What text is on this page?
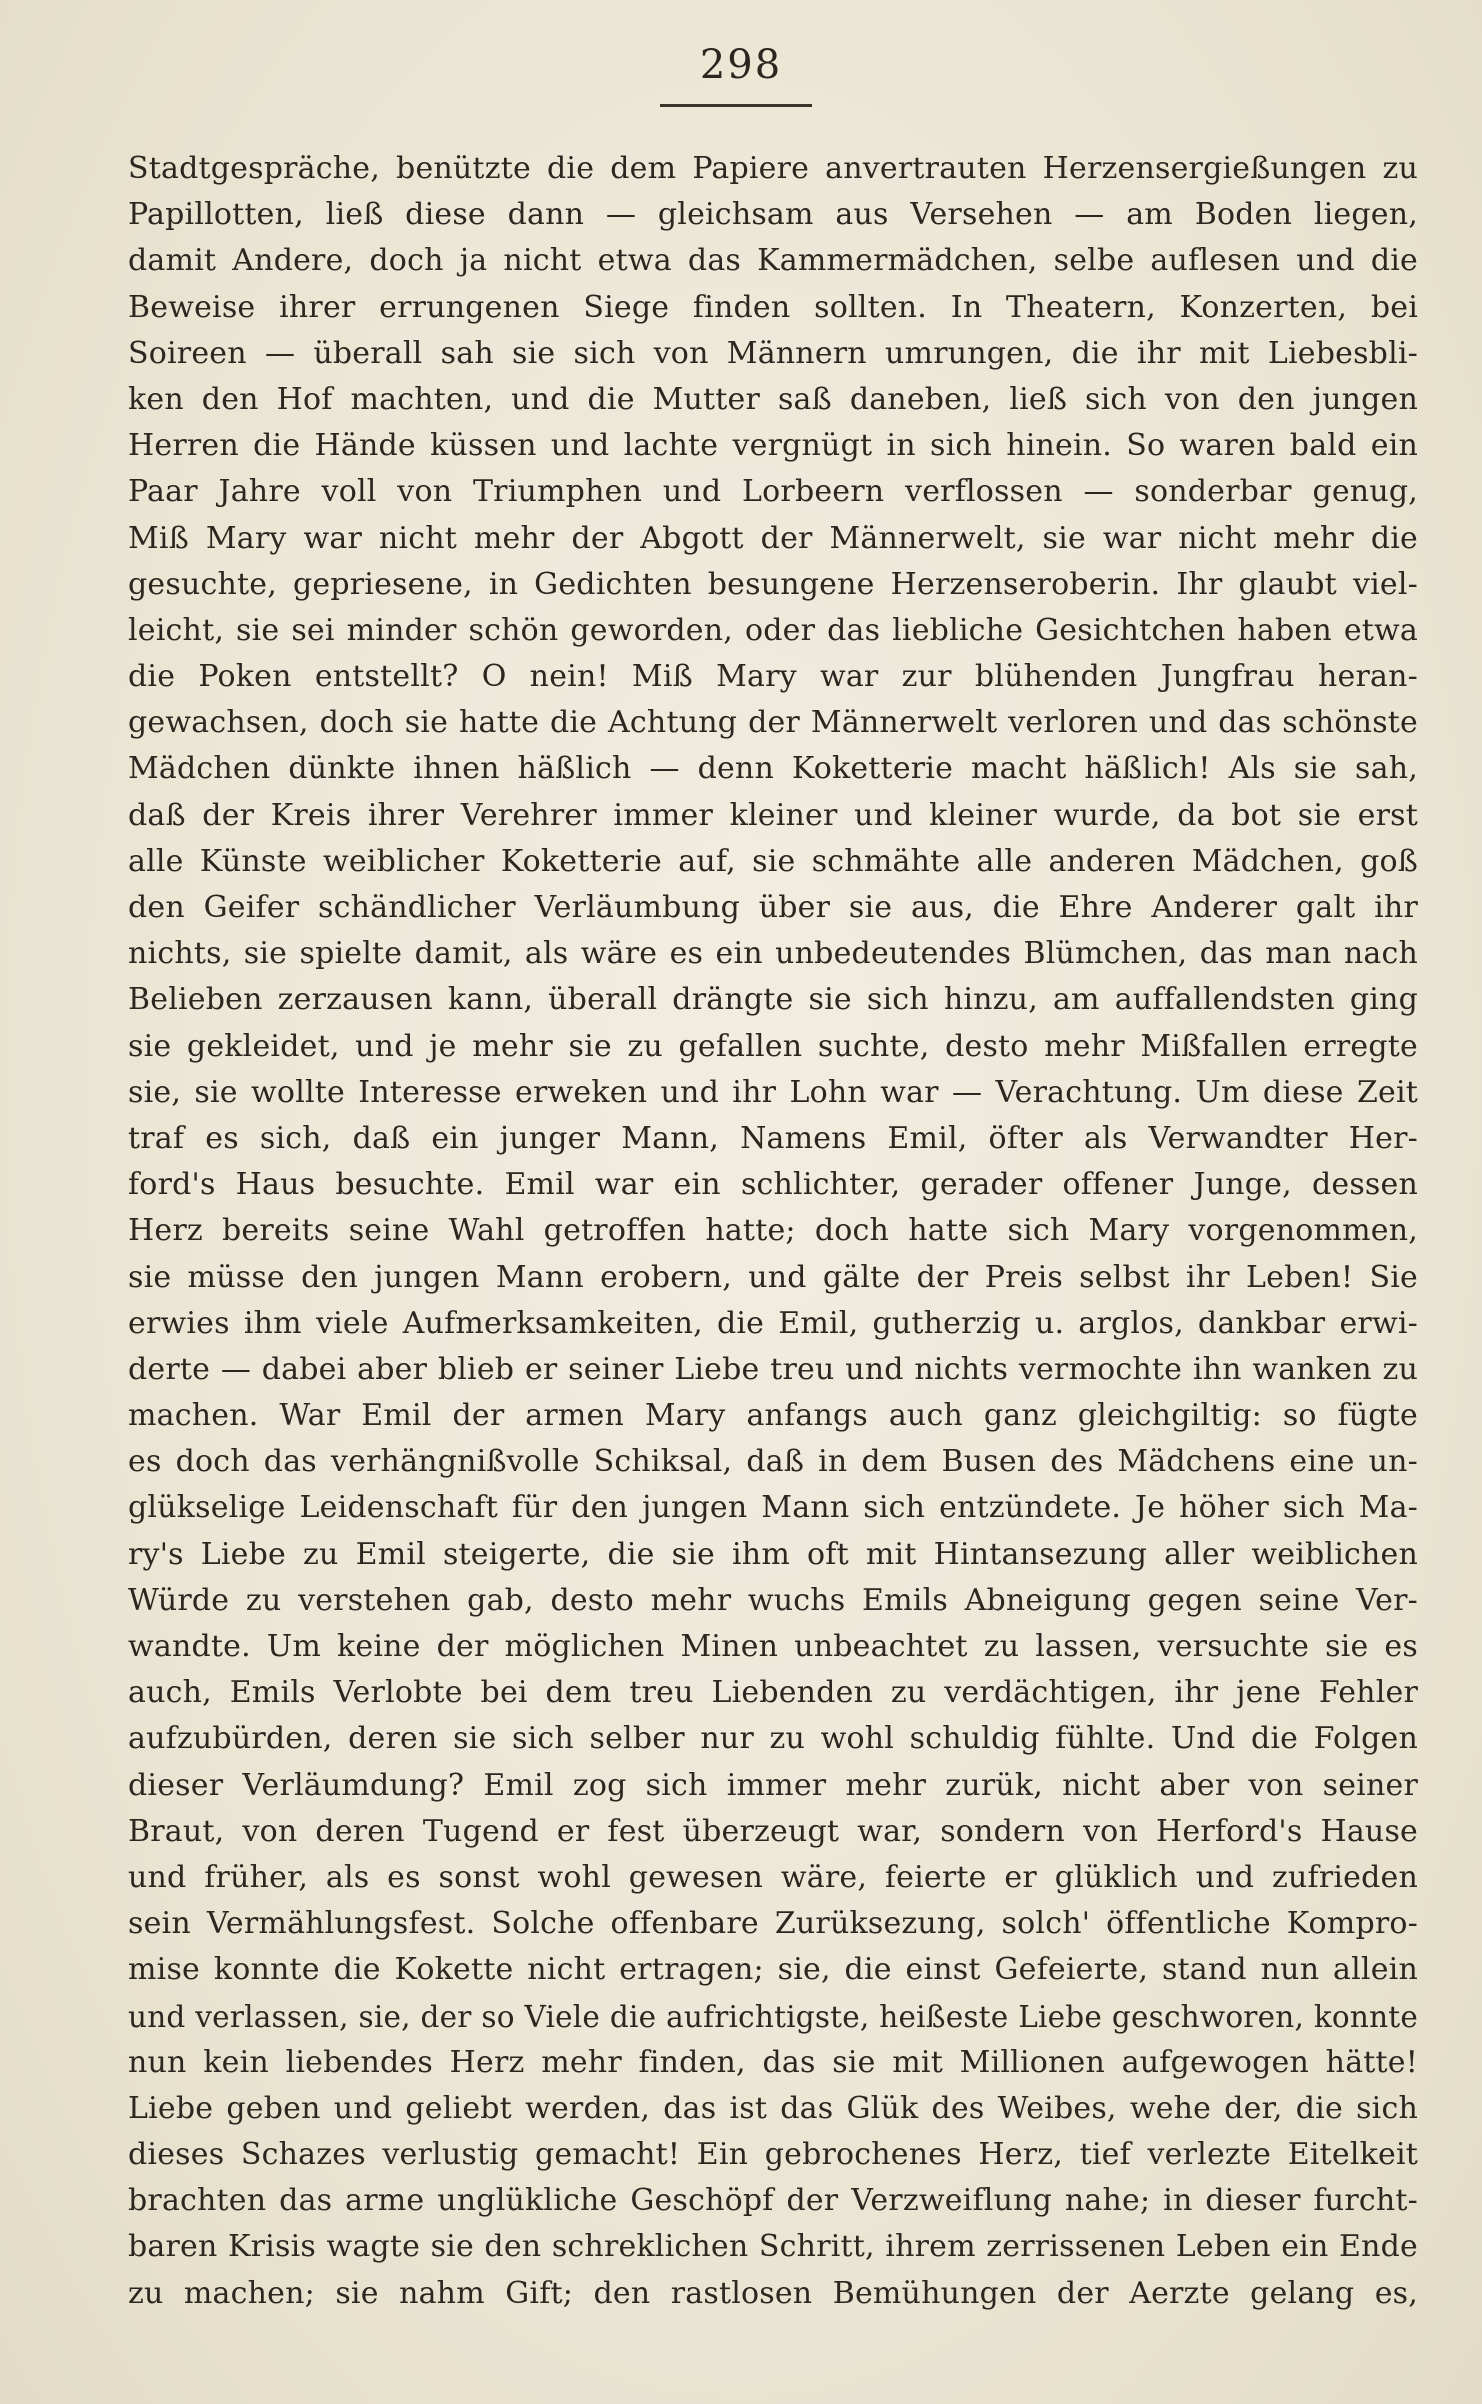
298
Stadtgespräche, benützte die dem Papiere anvertrauten Herzensergießungen zu
Papillotten, ließ diese dann — gleichsam aus Versehen — am Boden liegen,
damit Andere, doch ja nicht etwa das Kammermädchen, selbe auflesen und die
Beweise ihrer errungenen Siege finden sollten. In Theatern, Konzerten, bei
Soireen — überall sah sie sich von Männern umrungen, die ihr mit Liebesbli-
ken den Hof machten, und die Mutter saß daneben, ließ sich von den jungen
Herren die Hände küssen und lachte vergnügt in sich hinein. So waren bald ein
Paar Jahre voll von Triumphen und Lorbeern verflossen — sonderbar genug,
Miß Mary war nicht mehr der Abgott der Männerwelt, sie war nicht mehr die
gesuchte, gepriesene, in Gedichten besungene Herzenseroberin. Ihr glaubt viel-
leicht, sie sei minder schön geworden, oder das liebliche Gesichtchen haben etwa
die Poken entstellt? O nein! Miß Mary war zur blühenden Jungfrau heran-
gewachsen, doch sie hatte die Achtung der Männerwelt verloren und das schönste
Mädchen dünkte ihnen häßlich — denn Koketterie macht häßlich! Als sie sah,
daß der Kreis ihrer Verehrer immer kleiner und kleiner wurde, da bot sie erst
alle Künste weiblicher Koketterie auf, sie schmähte alle anderen Mädchen, goß
den Geifer schändlicher Verläumbung über sie aus, die Ehre Anderer galt ihr
nichts, sie spielte damit, als wäre es ein unbedeutendes Blümchen, das man nach
Belieben zerzausen kann, überall drängte sie sich hinzu, am auffallendsten ging
sie gekleidet, und je mehr sie zu gefallen suchte, desto mehr Mißfallen erregte
sie, sie wollte Interesse erweken und ihr Lohn war — Verachtung. Um diese Zeit
traf es sich, daß ein junger Mann, Namens Emil, öfter als Verwandter Her-
ford's Haus besuchte. Emil war ein schlichter, gerader offener Junge, dessen
Herz bereits seine Wahl getroffen hatte; doch hatte sich Mary vorgenommen,
sie müsse den jungen Mann erobern, und gälte der Preis selbst ihr Leben! Sie
erwies ihm viele Aufmerksamkeiten, die Emil, gutherzig u. arglos, dankbar erwi-
derte — dabei aber blieb er seiner Liebe treu und nichts vermochte ihn wanken zu
machen. War Emil der armen Mary anfangs auch ganz gleichgiltig: so fügte
es doch das verhängnißvolle Schiksal, daß in dem Busen des Mädchens eine un-
glükselige Leidenschaft für den jungen Mann sich entzündete. Je höher sich Ma-
ry's Liebe zu Emil steigerte, die sie ihm oft mit Hintansezung aller weiblichen
Würde zu verstehen gab, desto mehr wuchs Emils Abneigung gegen seine Ver-
wandte. Um keine der möglichen Minen unbeachtet zu lassen, versuchte sie es
auch, Emils Verlobte bei dem treu Liebenden zu verdächtigen, ihr jene Fehler
aufzubürden, deren sie sich selber nur zu wohl schuldig fühlte. Und die Folgen
dieser Verläumdung? Emil zog sich immer mehr zurük, nicht aber von seiner
Braut, von deren Tugend er fest überzeugt war, sondern von Herford's Hause
und früher, als es sonst wohl gewesen wäre, feierte er glüklich und zufrieden
sein Vermählungsfest. Solche offenbare Zurüksezung, solch' öffentliche Kompro-
mise konnte die Kokette nicht ertragen; sie, die einst Gefeierte, stand nun allein
und verlassen, sie, der so Viele die aufrichtigste, heißeste Liebe geschworen, konnte
nun kein liebendes Herz mehr finden, das sie mit Millionen aufgewogen hätte!
Liebe geben und geliebt werden, das ist das Glük des Weibes, wehe der, die sich
dieses Schazes verlustig gemacht! Ein gebrochenes Herz, tief verlezte Eitelkeit
brachten das arme unglükliche Geschöpf der Verzweiflung nahe; in dieser furcht-
baren Krisis wagte sie den schreklichen Schritt, ihrem zerrissenen Leben ein Ende
zu machen; sie nahm Gift; den rastlosen Bemühungen der Aerzte gelang es,
